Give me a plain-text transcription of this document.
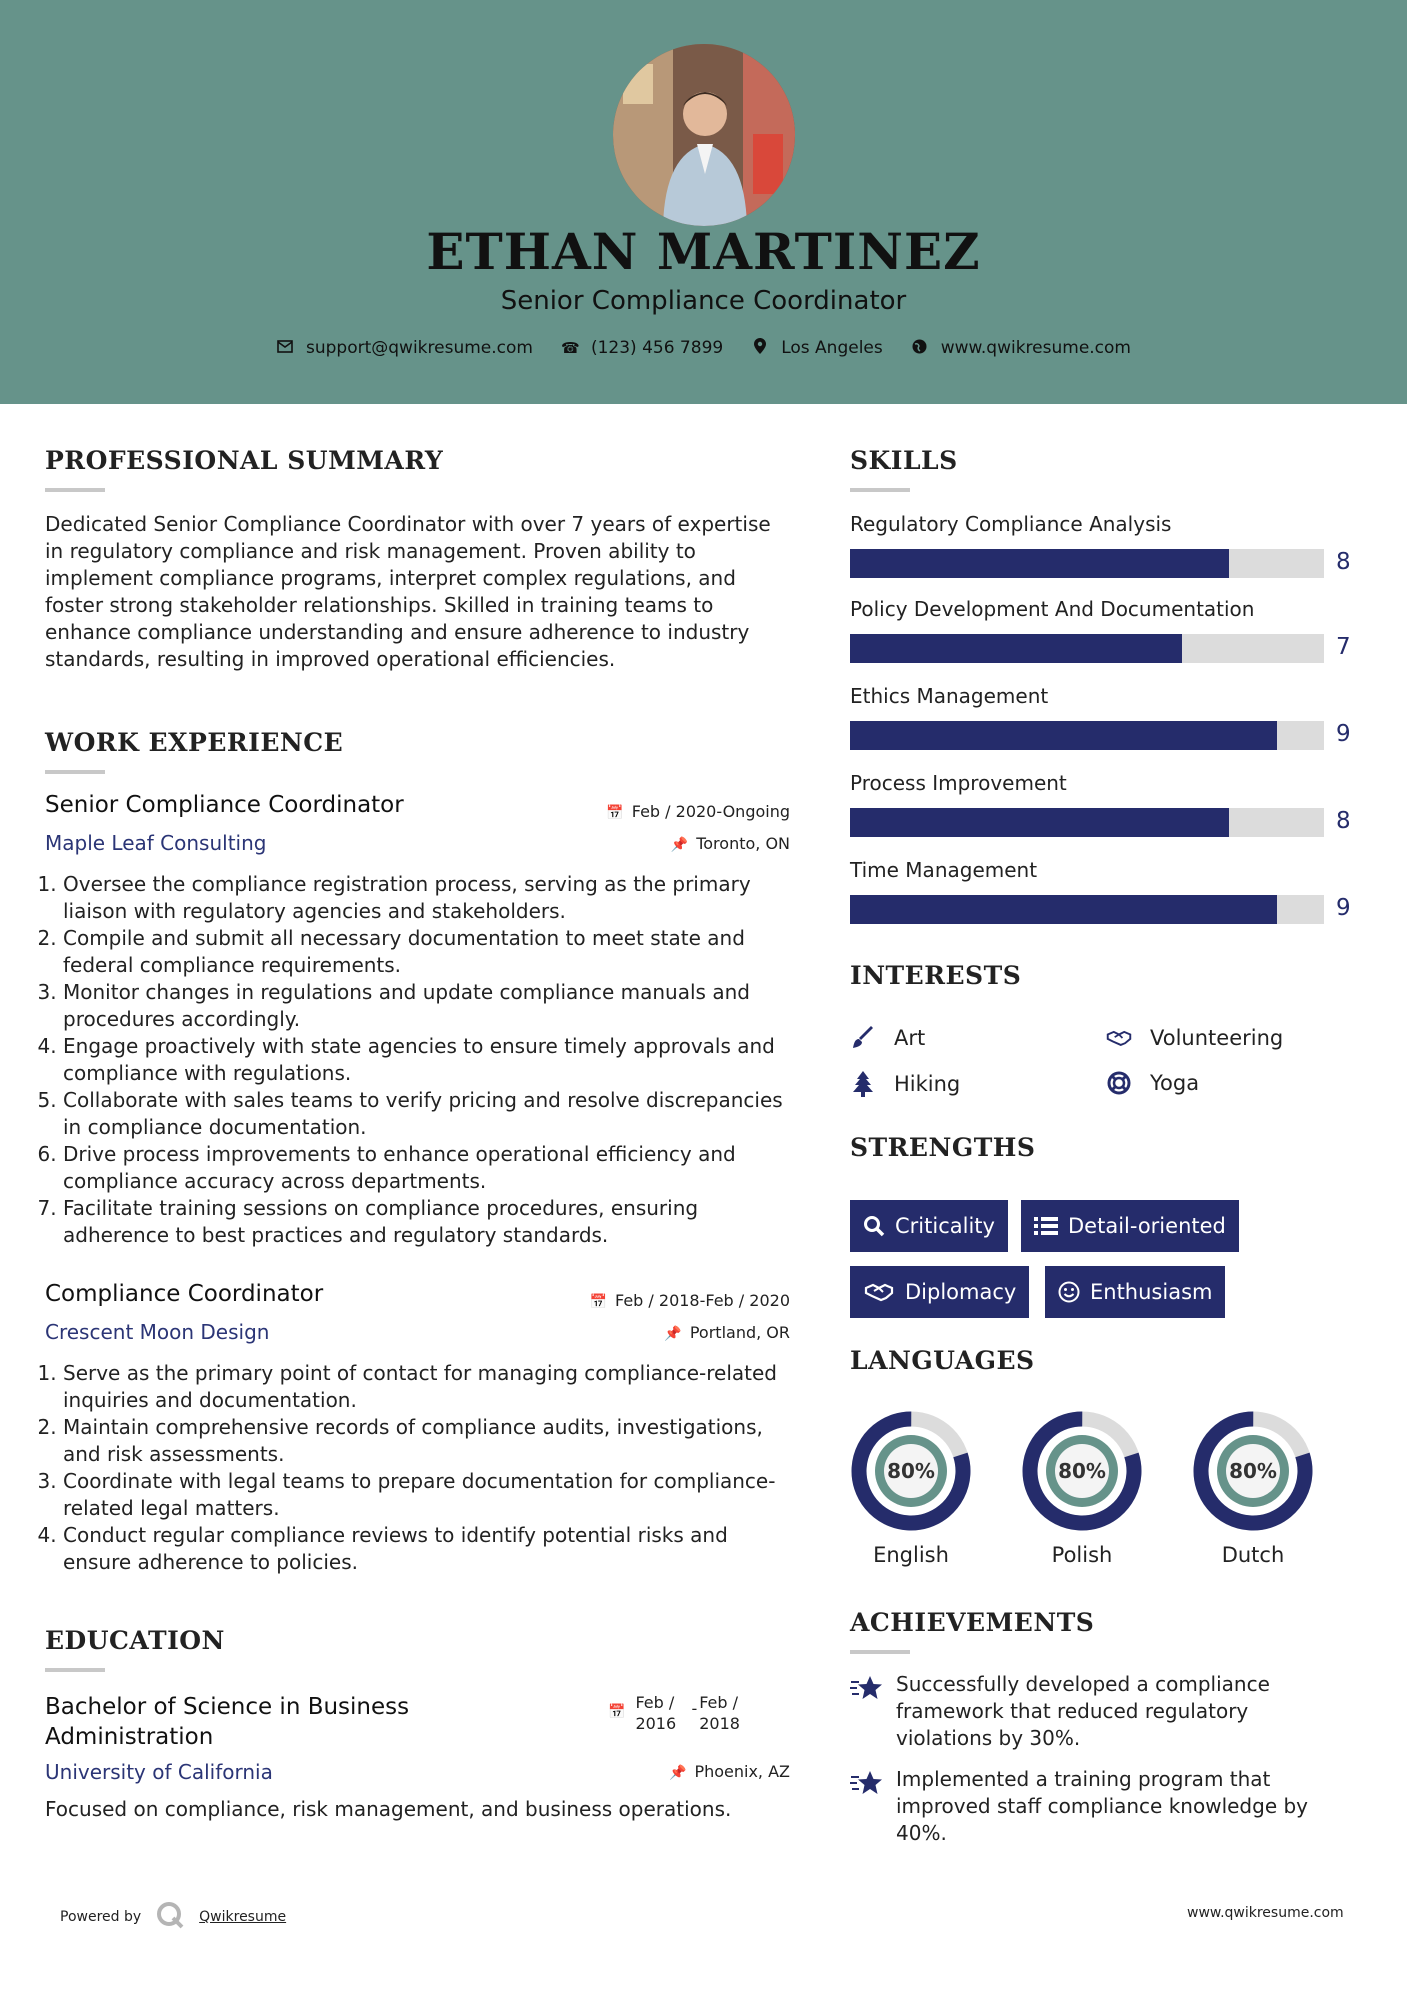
ETHAN MARTINEZ
Senior Compliance Coordinator
support@qwikresume.com ☎ (123) 456 7899	Los Angeles	www.qwikresume.com
PROFESSIONAL SUMMARY
Dedicated Senior Compliance Coordinator with over 7 years of expertise in regulatory compliance and risk management. Proven ability to implement compliance programs, interpret complex regulations, and foster strong stakeholder relationships. Skilled in training teams to enhance compliance understanding and ensure adherence to industry standards, resulting in improved operational efficiencies.
WORK EXPERIENCE
Senior Compliance Coordinator	📅 Feb / 2020-Ongoing
Maple Leaf Consulting	📌 Toronto, ON
1. Oversee the compliance registration process, serving as the primary liaison with regulatory agencies and stakeholders.
2. Compile and submit all necessary documentation to meet state and federal compliance requirements.
3. Monitor changes in regulations and update compliance manuals and procedures accordingly.
4. Engage proactively with state agencies to ensure timely approvals and compliance with regulations.
5. Collaborate with sales teams to verify pricing and resolve discrepancies in compliance documentation.
6. Drive process improvements to enhance operational efficiency and compliance accuracy across departments.
7. Facilitate training sessions on compliance procedures, ensuring adherence to best practices and regulatory standards.
Compliance Coordinator	📅 Feb / 2018-Feb / 2020
Crescent Moon Design	📌 Portland, OR
1. Serve as the primary point of contact for managing compliance-related inquiries and documentation.
2. Maintain comprehensive records of compliance audits, investigations, and risk assessments.
3. Coordinate with legal teams to prepare documentation for compliance-related legal matters.
4. Conduct regular compliance reviews to identify potential risks and ensure adherence to policies.
EDUCATION
Bachelor of Science in Business
Administration
📅 Feb /
2016
- Feb /
2018
University of California	📌 Phoenix, AZ
Focused on compliance, risk management, and business operations.
SKILLS
Regulatory Compliance Analysis
8
Policy Development And Documentation
7
Ethics Management
9
Process Improvement
8
Time Management
9
INTERESTS
Art	Volunteering
Hiking	Yoga
STRENGTHS
Criticality	Detail-oriented
Diplomacy	Enthusiasm
LANGUAGES
80%
English
80%
Polish
80%
Dutch
ACHIEVEMENTS
Successfully developed a compliance framework that reduced regulatory violations by 30%.
Implemented a training program that improved staff compliance knowledge by 40%.
Powered by	Qwikresume	www.qwikresume.com
